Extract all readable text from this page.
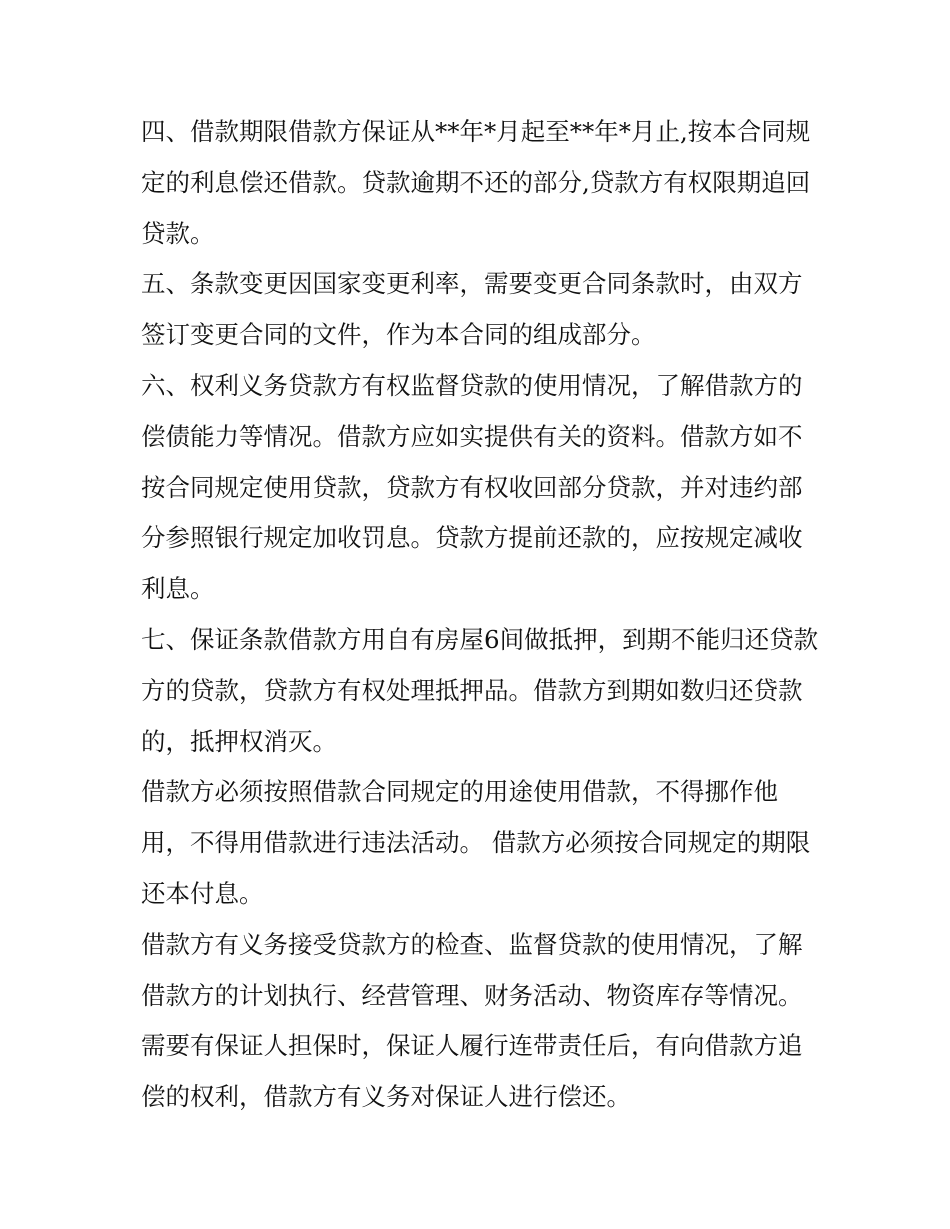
四、借款期限借款方保证从**年*月起至**年*月止,按本合同规定的利息偿还借款。贷款逾期不还的部分,贷款方有权限期追回贷款。

五、条款变更因国家变更利率，需要变更合同条款时，由双方签订变更合同的文件，作为本合同的组成部分。

六、权利义务贷款方有权监督贷款的使用情况，了解借款方的偿债能力等情况。借款方应如实提供有关的资料。借款方如不按合同规定使用贷款，贷款方有权收回部分贷款，并对违约部分参照银行规定加收罚息。贷款方提前还款的，应按规定减收利息。

七、保证条款借款方用自有房屋6间做抵押，到期不能归还贷款方的贷款，贷款方有权处理抵押品。借款方到期如数归还贷款的，抵押权消灭。

借款方必须按照借款合同规定的用途使用借款，不得挪作他用，不得用借款进行违法活动。 借款方必须按合同规定的期限还本付息。

借款方有义务接受贷款方的检查、监督贷款的使用情况，了解借款方的计划执行、经营管理、财务活动、物资库存等情况。需要有保证人担保时，保证人履行连带责任后，有向借款方追偿的权利，借款方有义务对保证人进行偿还。
